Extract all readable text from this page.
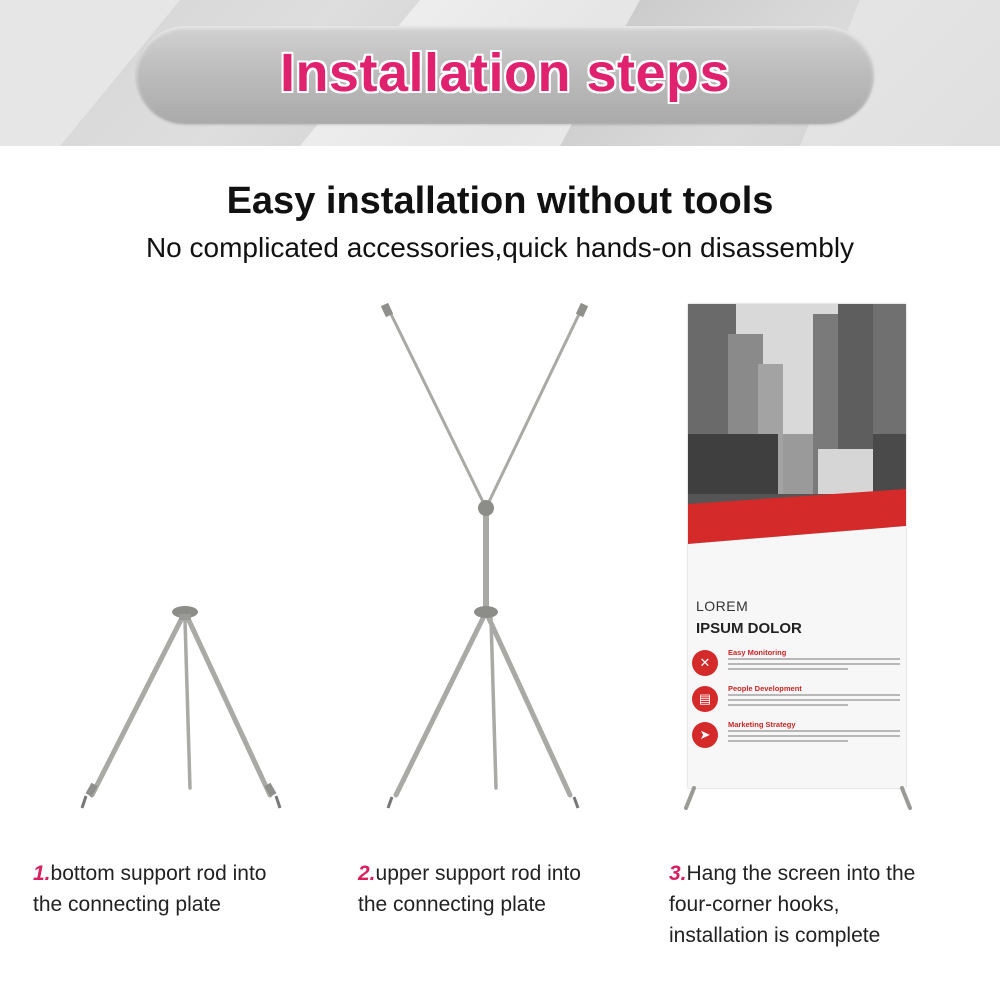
Installation steps
Easy installation without tools
No complicated accessories,quick hands-on disassembly
LOREM
IPSUM DOLOR
✕
Easy Monitoring
▤
People Development
➤
Marketing Strategy
1.bottom support rod into
the connecting plate
2.upper support rod into
the connecting plate
3.Hang the screen into the
four-corner hooks,
installation is complete
